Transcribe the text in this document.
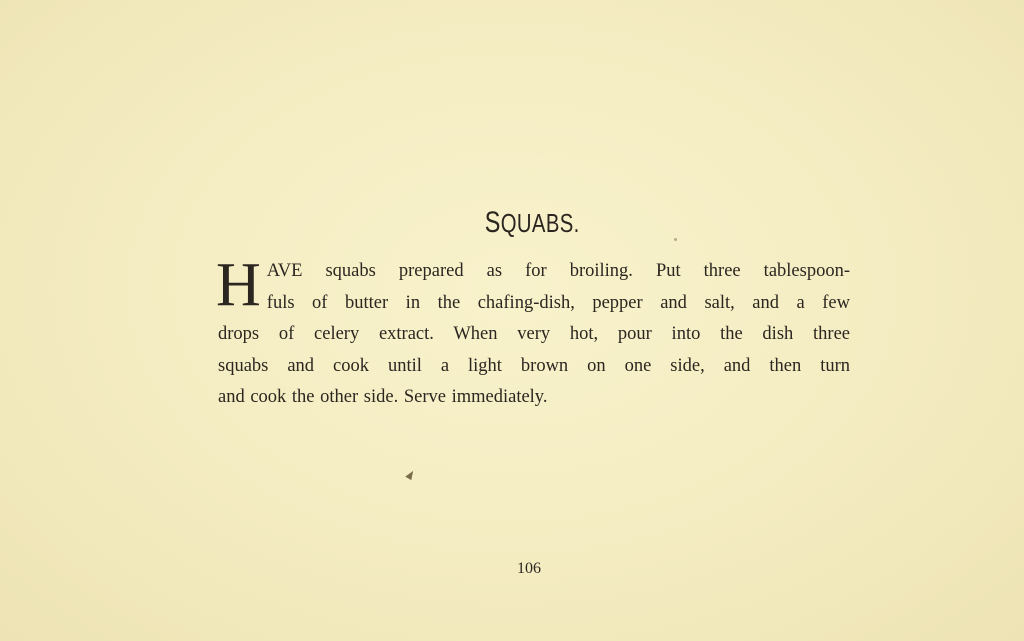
SQUABS.
H AVE squabs prepared as for broiling. Put three tablespoon-
fuls of butter in the chafing-dish, pepper and salt, and a few
drops of celery extract. When very hot, pour into the dish three
squabs and cook until a light brown on one side, and then turn
and cook the other side. Serve immediately.
106
